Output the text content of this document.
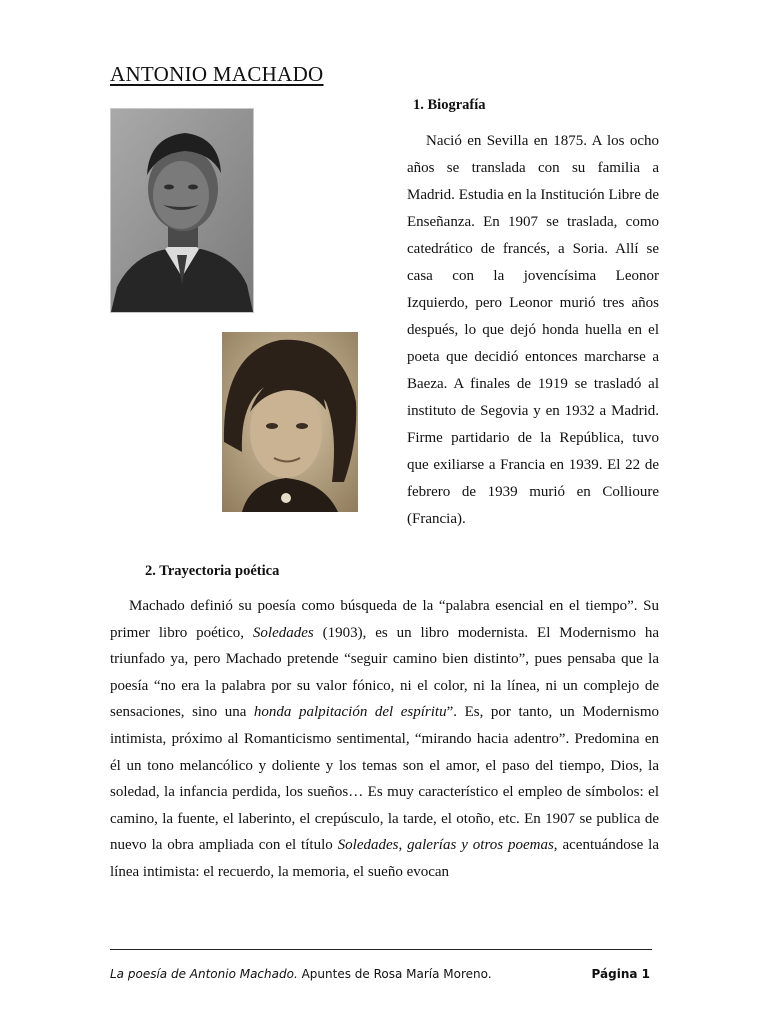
ANTONIO MACHADO
1. Biografía

Nació en Sevilla en 1875. A los ocho años se translada con su familia a Madrid. Estudia en la Institución Libre de Enseñanza. En 1907 se traslada, como catedrático de francés, a Soria. Allí se casa con la jovencísima Leonor Izquierdo, pero Leonor murió tres años después, lo que dejó honda huella en el poeta que decidió entonces marcharse a Baeza. A finales de 1919 se trasladó al instituto de Segovia y en 1932 a Madrid. Firme partidario de la República, tuvo que exiliarse a Francia en 1939. El 22 de febrero de 1939 murió en Collioure (Francia).

2. Trayectoria poética

Machado definió su poesía como búsqueda de la “palabra esencial en el tiempo”. Su primer libro poético, Soledades (1903), es un libro modernista. El Modernismo ha triunfado ya, pero Machado pretende “seguir camino bien distinto”, pues pensaba que la poesía “no era la palabra por su valor fónico, ni el color, ni la línea, ni un complejo de sensaciones, sino una honda palpitación del espíritu”. Es, por tanto, un Modernismo intimista, próximo al Romanticismo sentimental, “mirando hacia adentro”. Predomina en él un tono melancólico y doliente y los temas son el amor, el paso del tiempo, Dios, la soledad, la infancia perdida, los sueños… Es muy característico el empleo de símbolos: el camino, la fuente, el laberinto, el crepúsculo, la tarde, el otoño, etc. En 1907 se publica de nuevo la obra ampliada con el título Soledades, galerías y otros poemas, acentuándose la línea intimista: el recuerdo, la memoria, el sueño evocan

La poesía de Antonio Machado. Apuntes de Rosa María Moreno.	Página 1
